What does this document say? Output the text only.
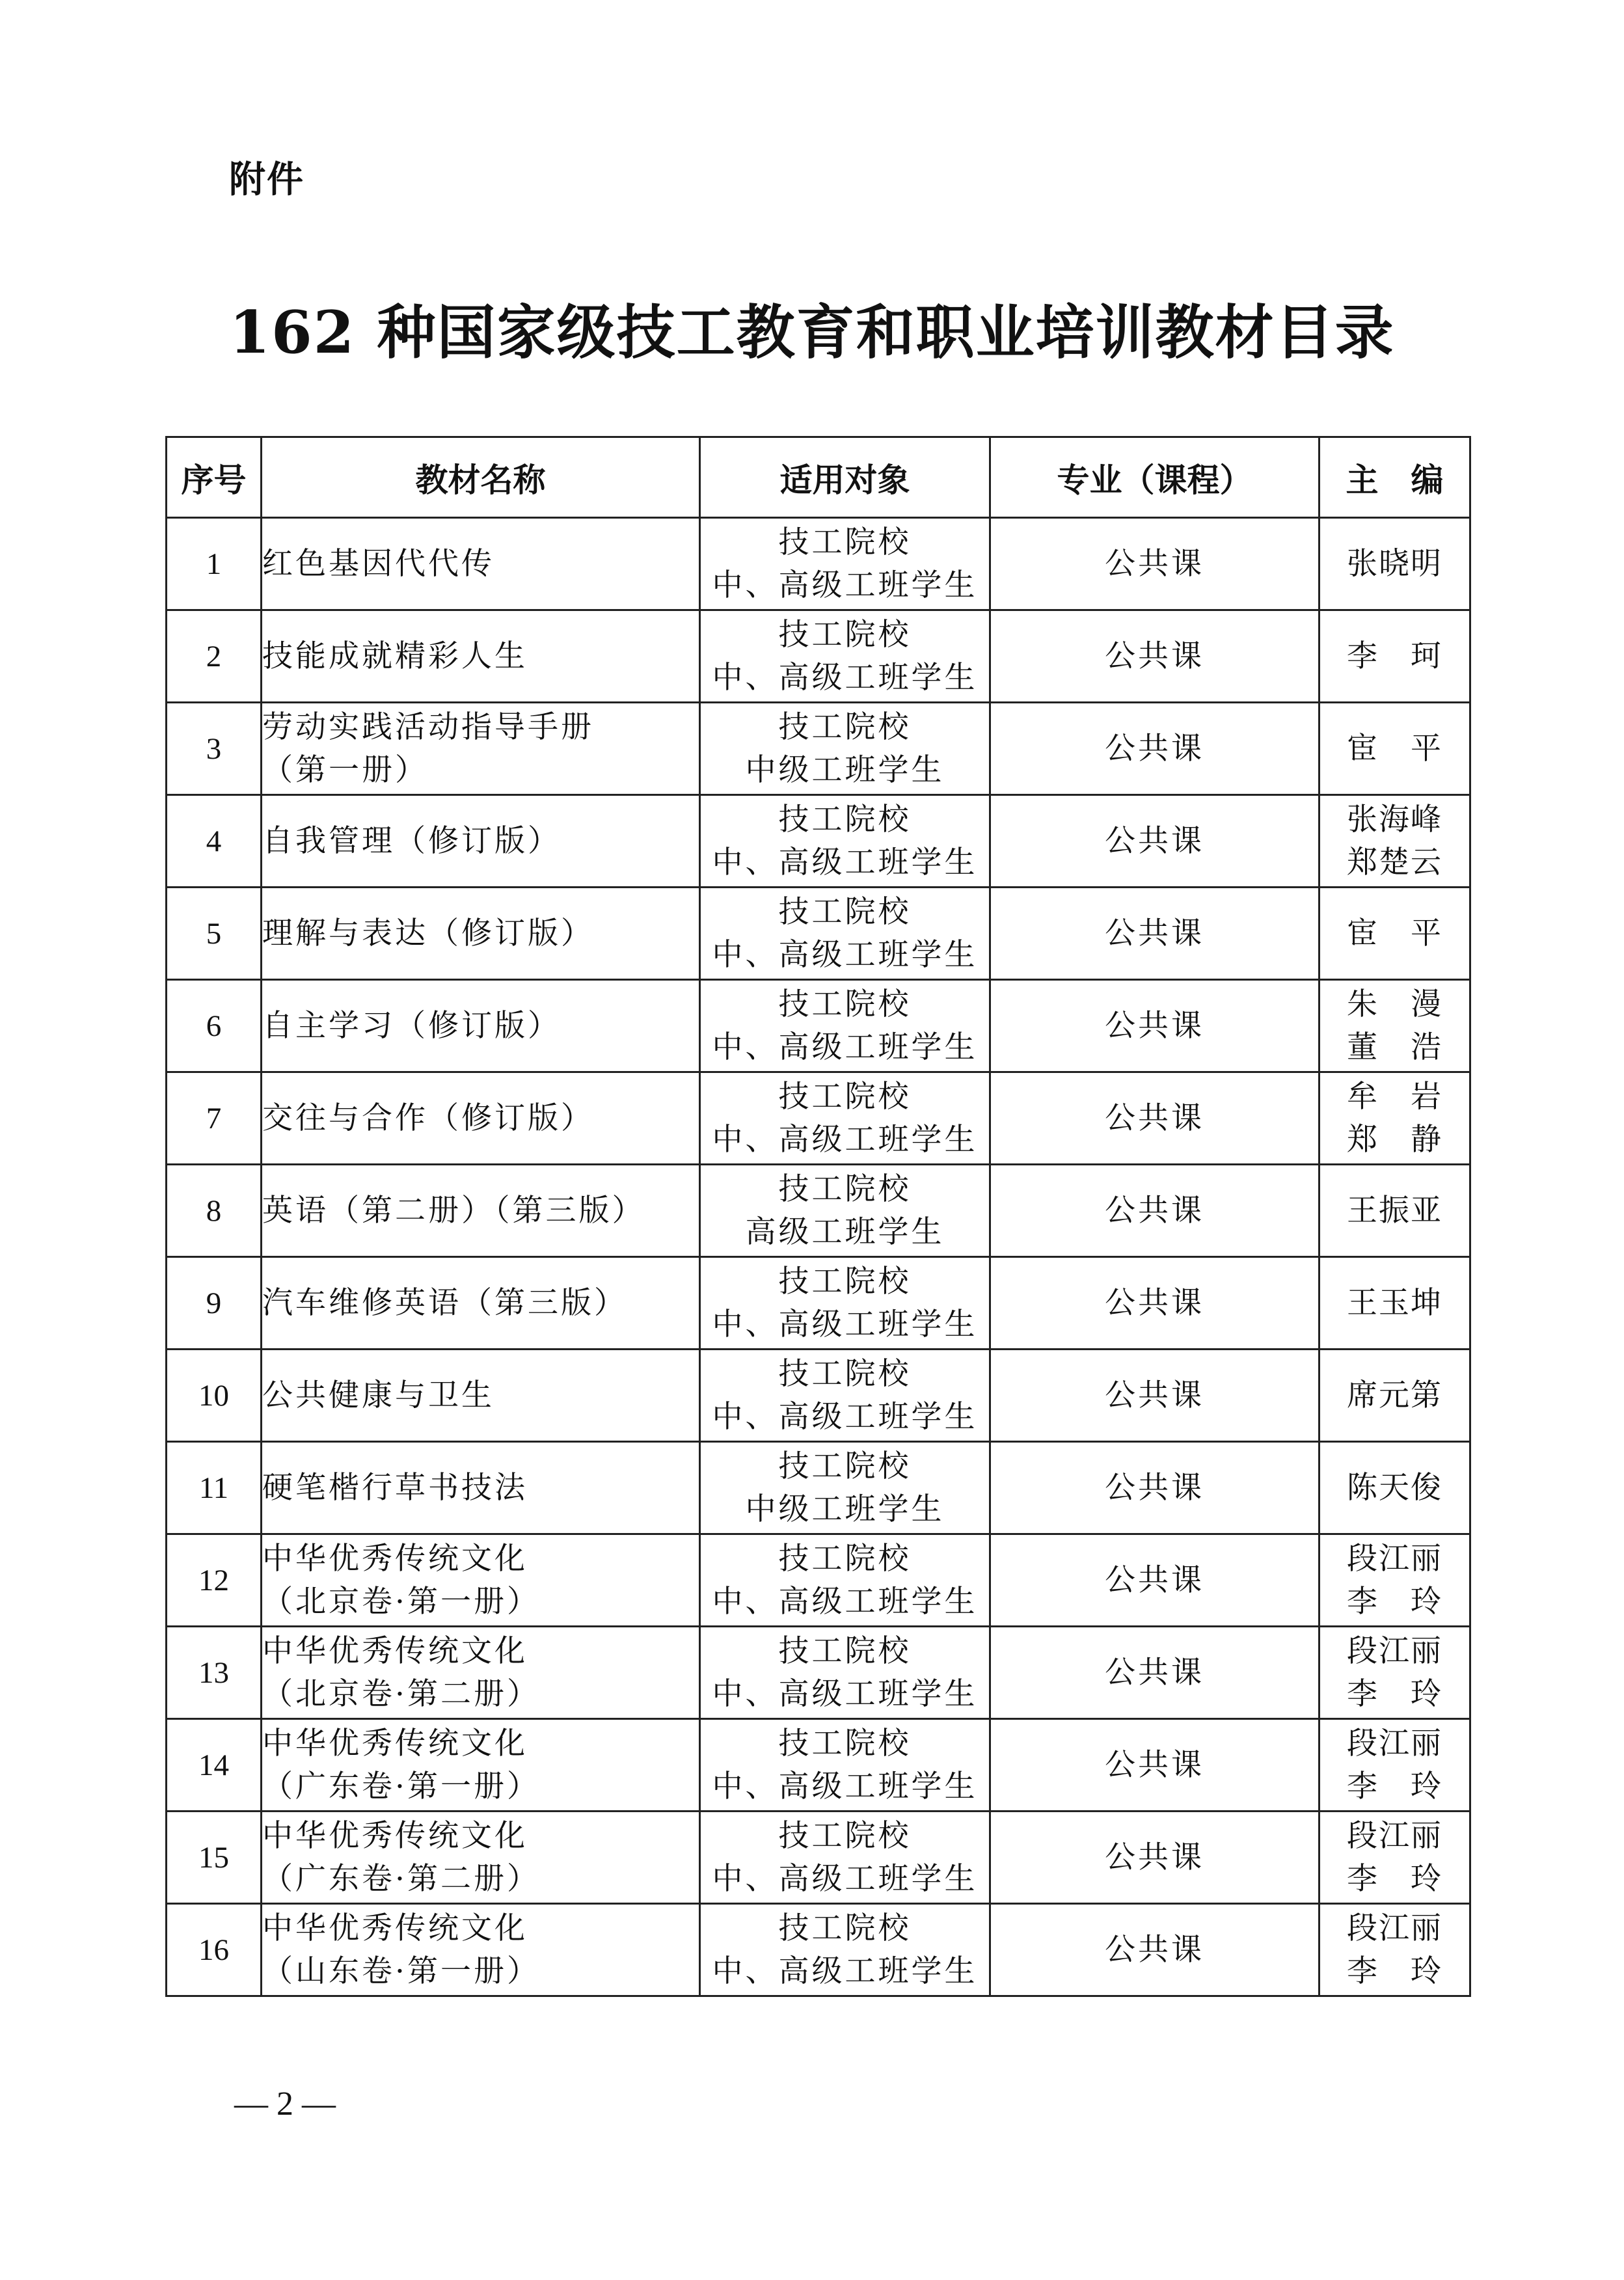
附件
162 种国家级技工教育和职业培训教材目录
序号	教材名称	适用对象	专业（课程）	主　编
1	红色基因代代传	技工院校
中、高级工班学生	公共课	张晓明

2	技能成就精彩人生	技工院校
中、高级工班学生	公共课	李　珂

3	劳动实践活动指导手册
（第一册）	技工院校
中级工班学生	公共课	宦　平

4	自我管理（修订版）	技工院校
中、高级工班学生	公共课	张海峰
郑楚云

5	理解与表达（修订版）	技工院校
中、高级工班学生	公共课	宦　平

6	自主学习（修订版）	技工院校
中、高级工班学生	公共课	朱　漫
董　浩

7	交往与合作（修订版）	技工院校
中、高级工班学生	公共课	牟　岩
郑　静

8	英语（第二册）（第三版）	技工院校
高级工班学生	公共课	王振亚

9	汽车维修英语（第三版）	技工院校
中、高级工班学生	公共课	王玉坤

10	公共健康与卫生	技工院校
中、高级工班学生	公共课	席元第

11	硬笔楷行草书技法	技工院校
中级工班学生	公共课	陈天俊

12	中华优秀传统文化
（北京卷·第一册）	技工院校
中、高级工班学生	公共课	段江丽
李　玲

13	中华优秀传统文化
（北京卷·第二册）	技工院校
中、高级工班学生	公共课	段江丽
李　玲

14	中华优秀传统文化
（广东卷·第一册）	技工院校
中、高级工班学生	公共课	段江丽
李　玲

15	中华优秀传统文化
（广东卷·第二册）	技工院校
中、高级工班学生	公共课	段江丽
李　玲

16	中华优秀传统文化
（山东卷·第一册）	技工院校
中、高级工班学生	公共课	段江丽
李　玲
— 2 —
